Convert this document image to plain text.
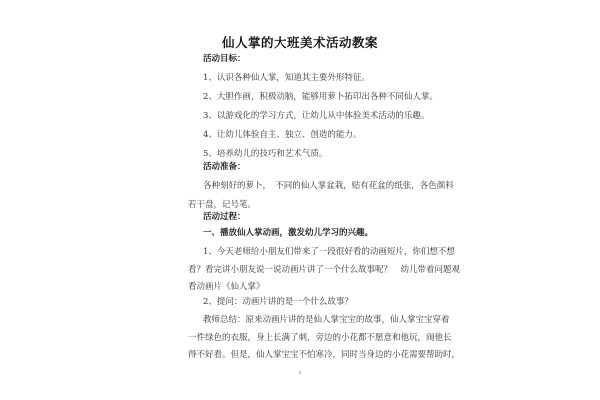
仙人掌的大班美术活动教案
活动目标：
1、认识各种仙人掌，知道其主要外形特征。
2、大胆作画，积极动脑，能够用萝卜拓印出各种不同仙人掌。
3、以游戏化的学习方式，让幼儿从中体验美术活动的乐趣。
4、让幼儿体验自主、独立、创造的能力。
5、培养幼儿的技巧和艺术气质。
活动准备：
各种刻好的萝卜，　不同的仙人掌盆栽，贴有花盆的纸张，各色颜料
若干盘，记号笔。
活动过程：
一、播放仙人掌动画，激发幼儿学习的兴趣。
1、今天老师给小朋友们带来了一段很好看的动画短片，你们想不想
看？看完讲小朋友说一说动画片讲了一个什么故事呢？　幼儿带着问题观
看动画片《仙人掌》
2、提问：动画片讲的是一个什么故事？
教师总结：原来动画片讲的是仙人掌宝宝的故事，仙人掌宝宝穿着
一件绿色的衣服，身上长满了刺，旁边的小花都不愿意和他玩，闹他长
得不好看。但是，仙人掌宝宝不怕寒冷，同时当身边的小花需要帮助时，
1
